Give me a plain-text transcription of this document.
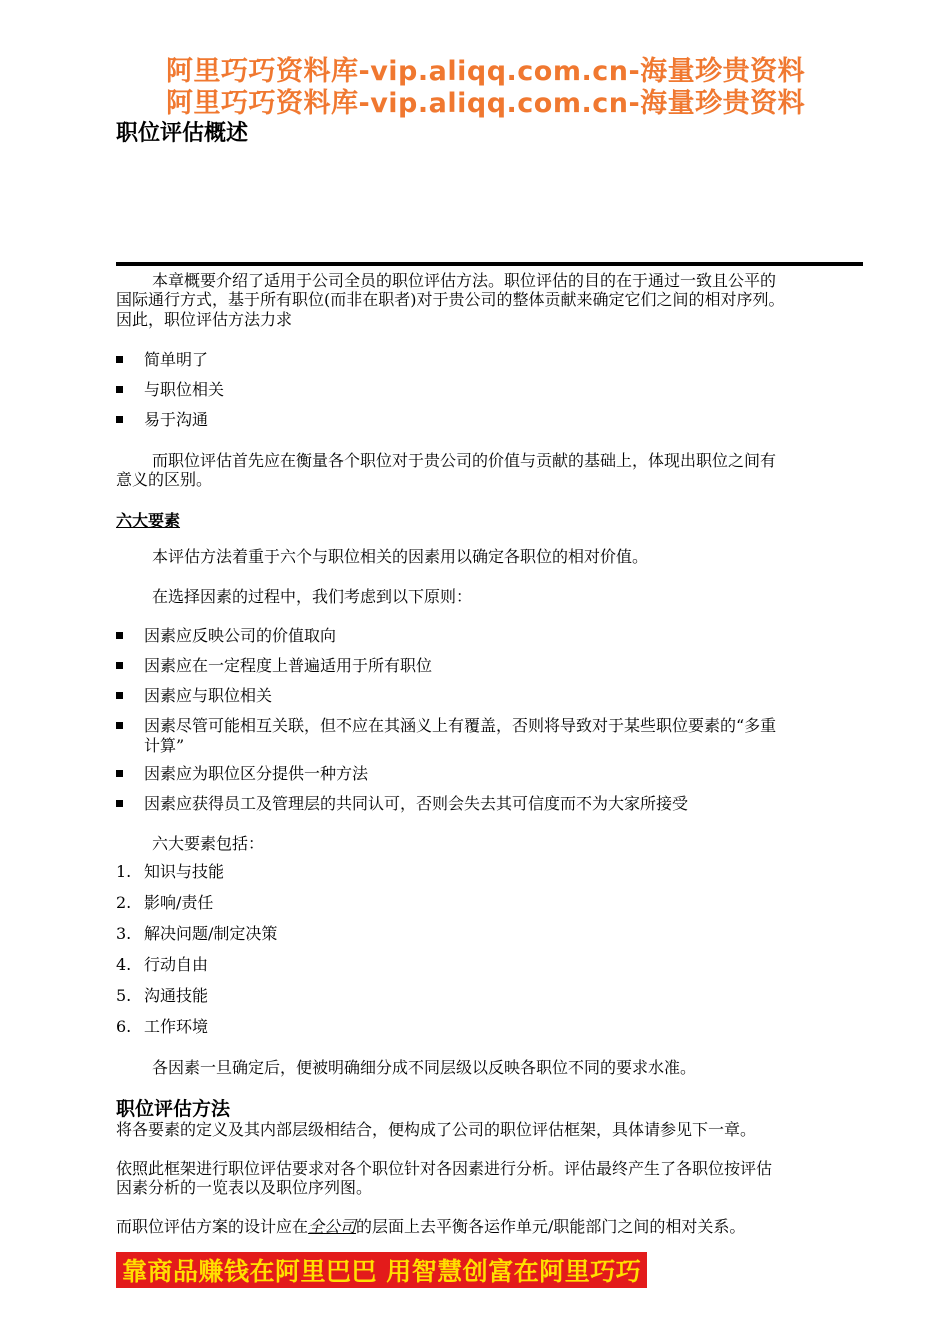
阿里巧巧资料库-vip.aliqq.com.cn-海量珍贵资料
阿里巧巧资料库-vip.aliqq.com.cn-海量珍贵资料
职位评估概述
本章概要介绍了适用于公司全员的职位评估方法。职位评估的目的在于通过一致且公平的
国际通行方式，基于所有职位(而非在职者)对于贵公司的整体贡献来确定它们之间的相对序列。
因此，职位评估方法力求
简单明了
与职位相关
易于沟通
而职位评估首先应在衡量各个职位对于贵公司的价值与贡献的基础上，体现出职位之间有
意义的区别。
六大要素
本评估方法着重于六个与职位相关的因素用以确定各职位的相对价值。
在选择因素的过程中，我们考虑到以下原则：
因素应反映公司的价值取向
因素应在一定程度上普遍适用于所有职位
因素应与职位相关
因素尽管可能相互关联，但不应在其涵义上有覆盖，否则将导致对于某些职位要素的“多重
计算”
因素应为职位区分提供一种方法
因素应获得员工及管理层的共同认可，否则会失去其可信度而不为大家所接受
六大要素包括：
1. 知识与技能
2. 影响/责任
3. 解决问题/制定决策
4. 行动自由
5. 沟通技能
6. 工作环境
各因素一旦确定后，便被明确细分成不同层级以反映各职位不同的要求水准。
职位评估方法
将各要素的定义及其内部层级相结合，便构成了公司的职位评估框架，具体请参见下一章。
依照此框架进行职位评估要求对各个职位针对各因素进行分析。评估最终产生了各职位按评估
因素分析的一览表以及职位序列图。
而职位评估方案的设计应在全公司的层面上去平衡各运作单元/职能部门之间的相对关系。
靠商品赚钱在阿里巴巴 用智慧创富在阿里巧巧
